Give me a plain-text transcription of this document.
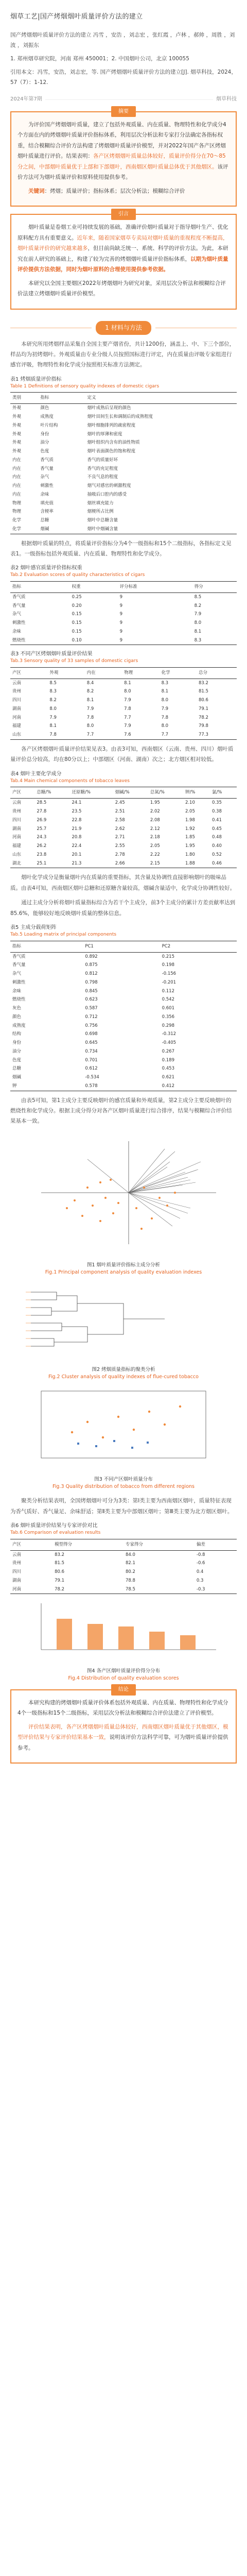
烟草工艺|国产烤烟烟叶质量评价方法的建立

国产烤烟烟叶质量评价方法的建立 冯雪 ，安浩 ，刘志宏 ，张红霞 ，卢林 ，郝帅 ，周胜 ，刘波 ，刘振东

1. 郑州烟草研究院，河南 郑州 450001；2. 中国烟叶公司，北京 100055

引用本文：冯雪，安浩，刘志宏，等. 国产烤烟烟叶质量评价方法的建立[J]. 烟草科技，2024，57（7）：1-12.

2024年第7期	烟草科技
摘要

为评价国产烤烟烟叶质量，建立了包括外观质量、内在质量、物理特性和化学成分4个方面在内的烤烟烟叶质量评价指标体系，利用层次分析法和专家打分法确定各指标权重，结合模糊综合评价方法构建了烤烟烟叶质量评价模型，并对2022年国产各产区烤烟烟叶质量进行评价。结果表明：各产区烤烟烟叶质量总体较好，质量评价得分在70～85分之间，中部烟叶质量优于上部和下部烟叶，西南烟区烟叶质量总体优于其他烟区。该评价方法可为烟叶质量评价和原料使用提供参考。

关键词：烤烟；质量评价；指标体系；层次分析法；模糊综合评价

引言

烟叶质量是卷烟工业可持续发展的基础，准确评价烟叶质量对于指导烟叶生产、优化原料配方具有重要意义。近年来，随着国家烟草专卖局对烟叶质量的重视程度不断提高，烟叶质量评价的研究越来越多，但目前尚缺乏统一、系统、科学的评价方法。为此，本研究在前人研究的基础上，构建了较为完善的烤烟烟叶质量评价指标体系，以期为烟叶质量评价提供方法依据，同时为烟叶原料的合理使用提供参考依据。

本研究以全国主要烟区2022年烤烟烟叶为研究对象，采用层次分析法和模糊综合评价法建立烤烟烟叶质量评价模型。

1 材料与方法

本研究所用烤烟样品采集自全国主要产烟省份，共计1200份，涵盖上、中、下三个部位，样品均为初烤烟叶。外观质量由专业分级人员按照国标进行评定，内在质量由评吸专家组进行感官评吸，物理特性和化学成分按照相关标准方法测定。

表1 烤烟质量评价指标
Table 1 Definitions of sensory quality indexes of domestic cigars
类别	指标	定义
外观	颜色	烟叶成熟后呈现的颜色
外观	成熟度	烟叶田间生长和调制后的成熟程度
外观	叶片结构	烟叶细胞排列的疏密程度
外观	身份	烟叶的厚薄和密度
外观	油分	烟叶组织内含有的油性物质
外观	色度	烟叶表面颜色的饱和程度
内在	香气质	香气的质量好坏
内在	香气量	香气的充足程度
内在	杂气	不良气息的程度
内在	刺激性	烟气对感官的刺激程度
内在	余味	抽吸后口腔内的感受
物理	填充值	烟丝填充能力
物理	含梗率	烟梗所占比例
化学	总糖	烟叶中总糖含量
化学	烟碱	烟叶中烟碱含量

根据烟叶质量的特点，将质量评价指标分为4个一级指标和15个二级指标，各指标定义见表1。一级指标包括外观质量、内在质量、物理特性和化学成分。

表2 烟叶感官质量评价指标权重
Tab.2 Evaluation scores of quality characteristics of cigars
指标	权重	评分标准	得分
香气质	0.25	9	8.5
香气量	0.20	9	8.2
杂气	0.15	9	7.9
刺激性	0.15	9	8.0
余味	0.15	9	8.1
燃烧性	0.10	9	8.3
表3 不同产区烤烟烟叶质量评价结果
Tab.3 Sensory quality of 33 samples of domestic cigars
产区	外观	内在	物理	化学	总分
云南	8.5	8.4	8.1	8.3	83.2
贵州	8.3	8.2	8.0	8.1	81.5
四川	8.2	8.1	7.9	8.0	80.6
湖南	8.0	7.9	7.8	7.9	79.1
河南	7.9	7.8	7.7	7.8	78.2
福建	8.1	8.0	7.9	8.0	79.8
山东	7.8	7.7	7.6	7.7	77.3

各产区烤烟烟叶质量评价结果见表3。由表3可知，西南烟区（云南、贵州、四川）烟叶质量评价总分较高，均在80分以上；中部烟区（河南、湖南）次之；北方烟区相对较低。

表4 烟叶主要化学成分
Tab.4 Main chemical components of tobacco leaves
产区	总糖/%	还原糖/%	烟碱/%	总氮/%	钾/%	氯/%
云南	28.5	24.1	2.45	1.95	2.10	0.35
贵州	27.8	23.5	2.51	2.02	2.05	0.38
四川	26.9	22.8	2.58	2.08	1.98	0.41
湖南	25.7	21.9	2.62	2.12	1.92	0.45
河南	24.3	20.8	2.71	2.18	1.85	0.48
福建	26.2	22.4	2.55	2.05	1.95	0.40
山东	23.8	20.1	2.78	2.22	1.80	0.52
湖北	25.1	21.3	2.66	2.15	1.88	0.46

烟叶化学成分是衡量烟叶内在质量的重要指标，其含量及协调性直接影响烟叶的吸味品质。由表4可知，西南烟区烟叶总糖和还原糖含量较高，烟碱含量适中，化学成分协调性较好。

通过主成分分析将烟叶质量指标综合为若干个主成分，前3个主成分的累计方差贡献率达到85.6%，能够较好地反映烟叶质量的整体信息。

表5 主成分载荷矩阵
Tab.5 Loading matrix of principal components
指标	PC1	PC2
香气质	0.892	0.215
香气量	0.875	0.198
杂气	0.812	-0.156
刺激性	0.798	-0.201
余味	0.845	0.112
燃烧性	0.623	0.542
灰色	0.587	0.601
颜色	0.712	0.356
成熟度	0.756	0.298
结构	0.698	-0.312
身份	0.645	-0.405
油分	0.734	0.267
色度	0.701	0.189
总糖	0.612	0.453
烟碱	-0.534	0.621
钾	0.578	0.412

由表5可知，第1主成分主要反映烟叶的感官质量和外观质量，第2主成分主要反映烟叶的燃烧性和化学成分。根据主成分得分对各产区烟叶质量进行综合排序，结果与模糊综合评价结果基本一致。

图1 烟叶质量评价指标主成分分析
Fig.1 Principal component analysis of quality evaluation indexes
图2 烤烟质量指标的聚类分析
Fig.2 Cluster analysis of quality indexes of flue-cured tobacco
图3 不同产区烟叶质量分布
Fig.3 Quality distribution of tobacco from different regions

聚类分析结果表明，全国烤烟烟叶可分为3类：第Ⅰ类主要为西南烟区烟叶，质量特征表现为香气质好、香气量足、余味舒适；第Ⅱ类主要为中部烟区烟叶；第Ⅲ类主要为北方烟区烟叶。

表6 烟叶质量评价结果与专家评价对比
Tab.6 Comparison of evaluation results
产区	模型得分	专家得分	偏差
云南	83.2	84.0	-0.8
贵州	81.5	82.1	-0.6
四川	80.6	80.2	0.4
湖南	79.1	78.8	0.3
河南	78.2	78.5	-0.3
图4 各产区烟叶质量评价得分分布
Fig.4 Distribution of quality evaluation scores
结论

本研究构建的烤烟烟叶质量评价体系包括外观质量、内在质量、物理特性和化学成分4个一级指标和15个二级指标，采用层次分析法和模糊综合评价法建立了评价模型。

评价结果表明，各产区烤烟烟叶质量总体较好，西南烟区烟叶质量优于其他烟区，模型评价结果与专家评价结果基本一致，说明该评价方法科学可靠，可为烟叶质量评价提供参考。
